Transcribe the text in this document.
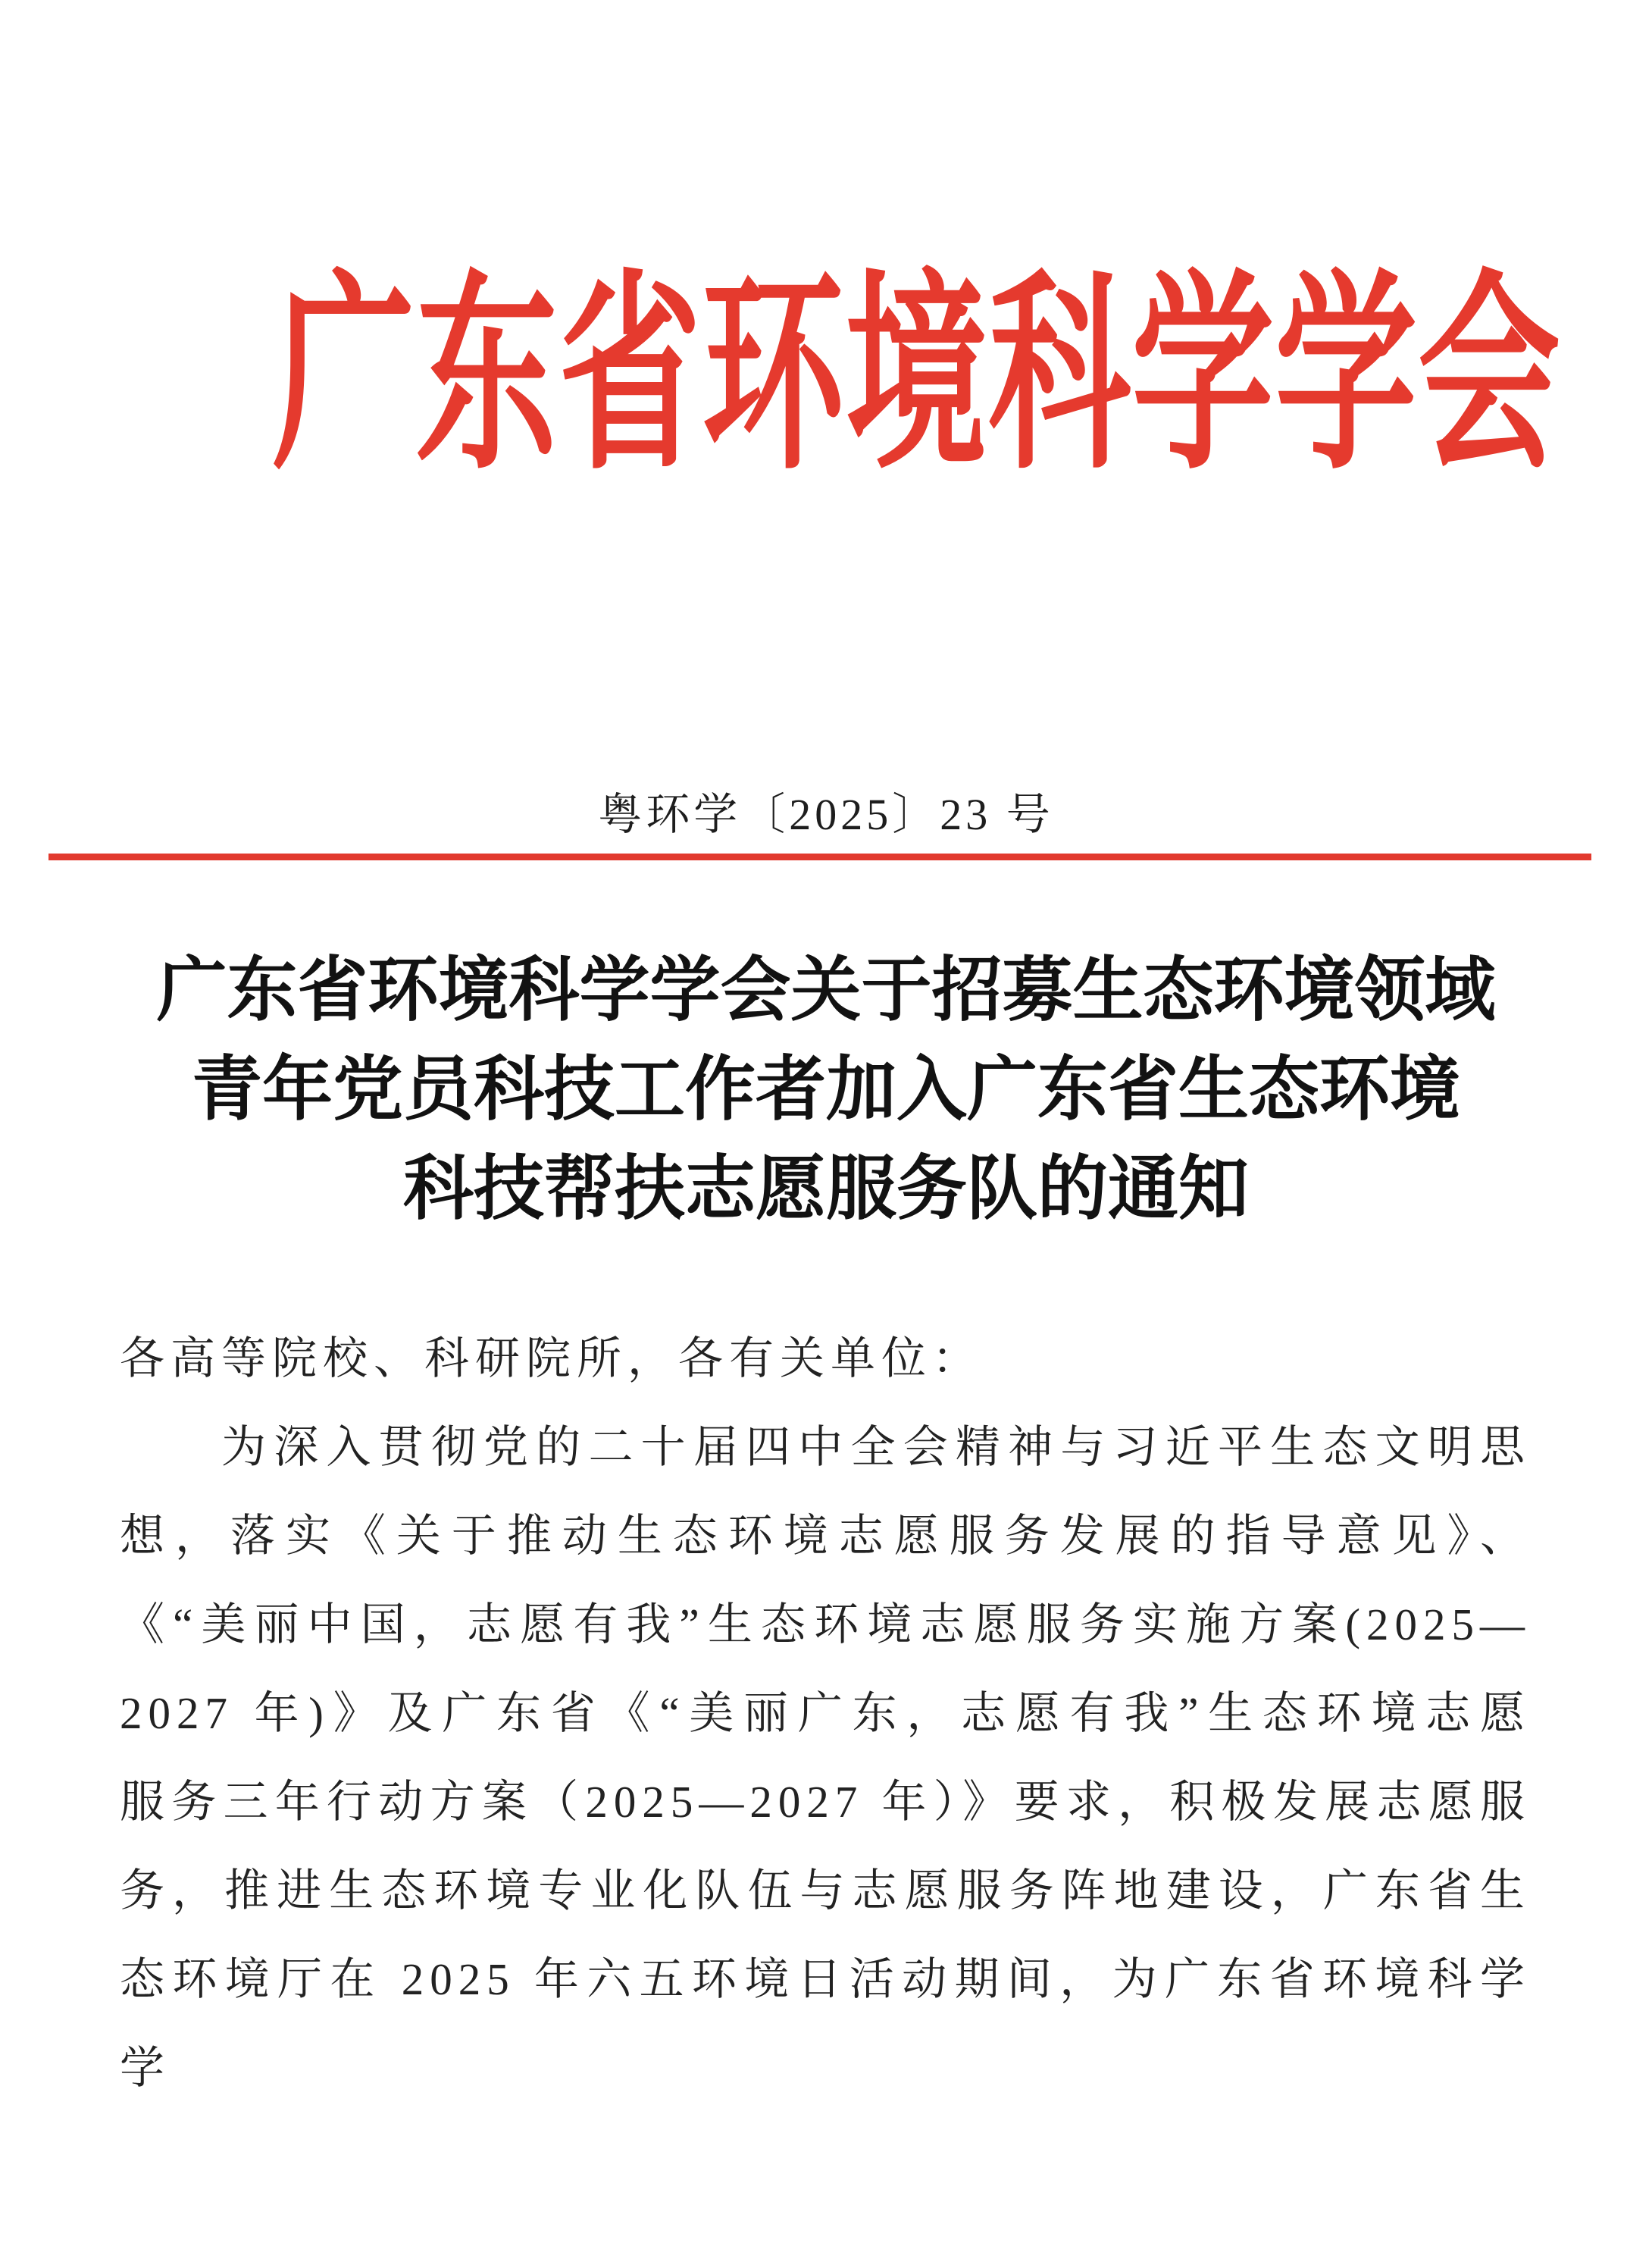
广东省环境科学学会
粤环学〔2025〕23 号
广东省环境科学学会关于招募生态环境领域
青年党员科技工作者加入广东省生态环境
科技帮扶志愿服务队的通知
各高等院校、科研院所，各有关单位：
为深入贯彻党的二十届四中全会精神与习近平生态文明思
想，落实《关于推动生态环境志愿服务发展的指导意见》、
《“美丽中国，志愿有我”生态环境志愿服务实施方案(2025—
2027 年)》及广东省《“美丽广东，志愿有我”生态环境志愿
服务三年行动方案（2025—2027 年）》要求，积极发展志愿服
务，推进生态环境专业化队伍与志愿服务阵地建设，广东省生
态环境厅在 2025 年六五环境日活动期间，为广东省环境科学学
